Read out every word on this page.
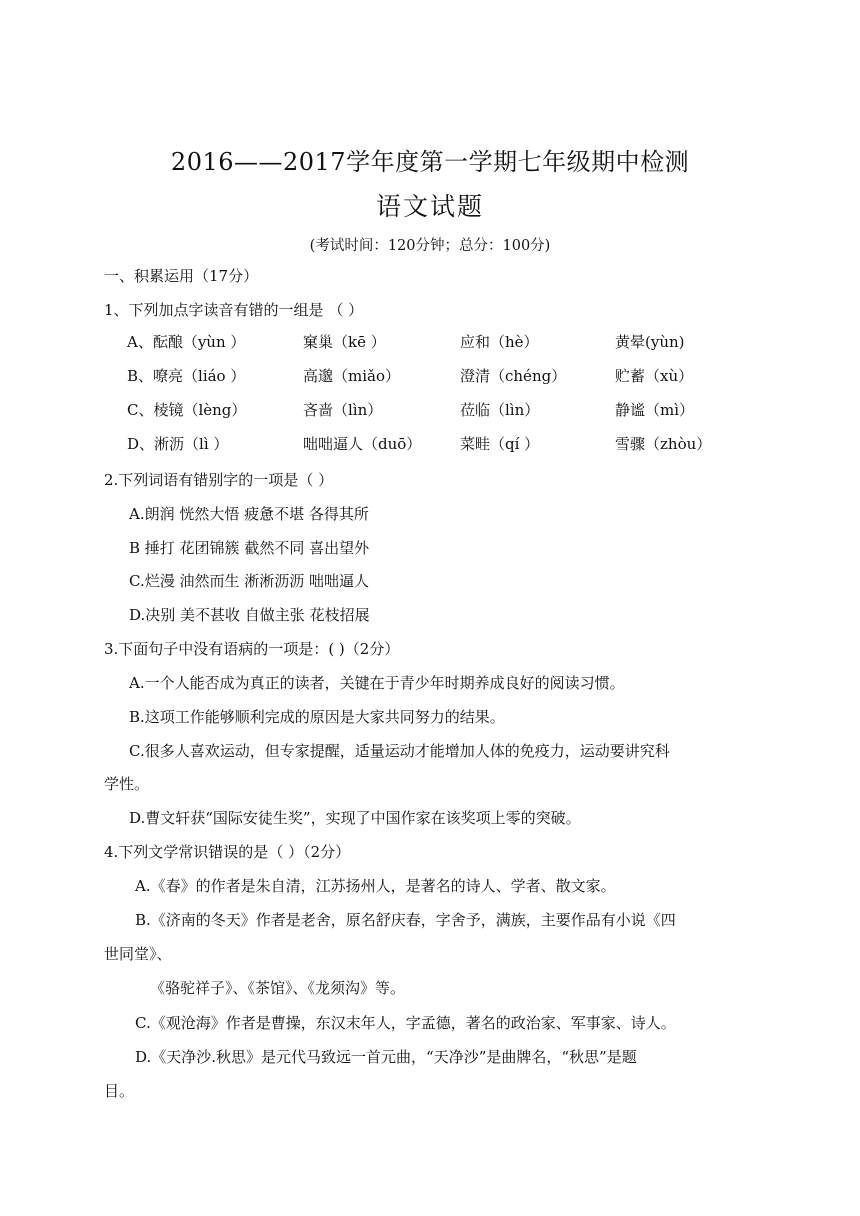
2016——2017学年度第一学期七年级期中检测
语文试题
(考试时间：120分钟；总分：100分)
一、积累运用（17分）
1、下列加点字读音有错的一组是 （ ）
A、酝酿（yùn ）	窠巢（kē ）	应和（hè）	黄晕(yùn)
B、嘹亮（liáo ）	高邈（miǎo）	澄清（chéng）	贮蓄（xù）
C、棱镜（lèng）	吝啬（lìn）	莅临（lìn）	静谧（mì）
D、淅沥（lì ）	咄咄逼人（duō）	菜畦（qí ）	雪骤（zhòu）
2.下列词语有错别字的一项是（ ）
A.朗润 恍然大悟 疲惫不堪 各得其所
B 捶打 花团锦簇 截然不同 喜出望外
C.烂漫 油然而生 淅淅沥沥 咄咄逼人
D.决别 美不甚收 自做主张 花枝招展
3.下面句子中没有语病的一项是：( )（2分）
A.一个人能否成为真正的读者，关键在于青少年时期养成良好的阅读习惯。
B.这项工作能够顺利完成的原因是大家共同努力的结果。
C.很多人喜欢运动，但专家提醒，适量运动才能增加人体的免疫力，运动要讲究科
学性。
D.曹文轩获“国际安徒生奖”，实现了中国作家在该奖项上零的突破。
4.下列文学常识错误的是（ ）（2分）
A.《春》的作者是朱自清，江苏扬州人，是著名的诗人、学者、散文家。
B.《济南的冬天》作者是老舍，原名舒庆春，字舍予，满族，主要作品有小说《四
世同堂》、
《骆驼祥子》、《茶馆》、《龙须沟》等。
C.《观沧海》作者是曹操，东汉末年人，字孟德，著名的政治家、军事家、诗人。
D.《天净沙.秋思》是元代马致远一首元曲，“天净沙”是曲牌名，“秋思”是题
目。
